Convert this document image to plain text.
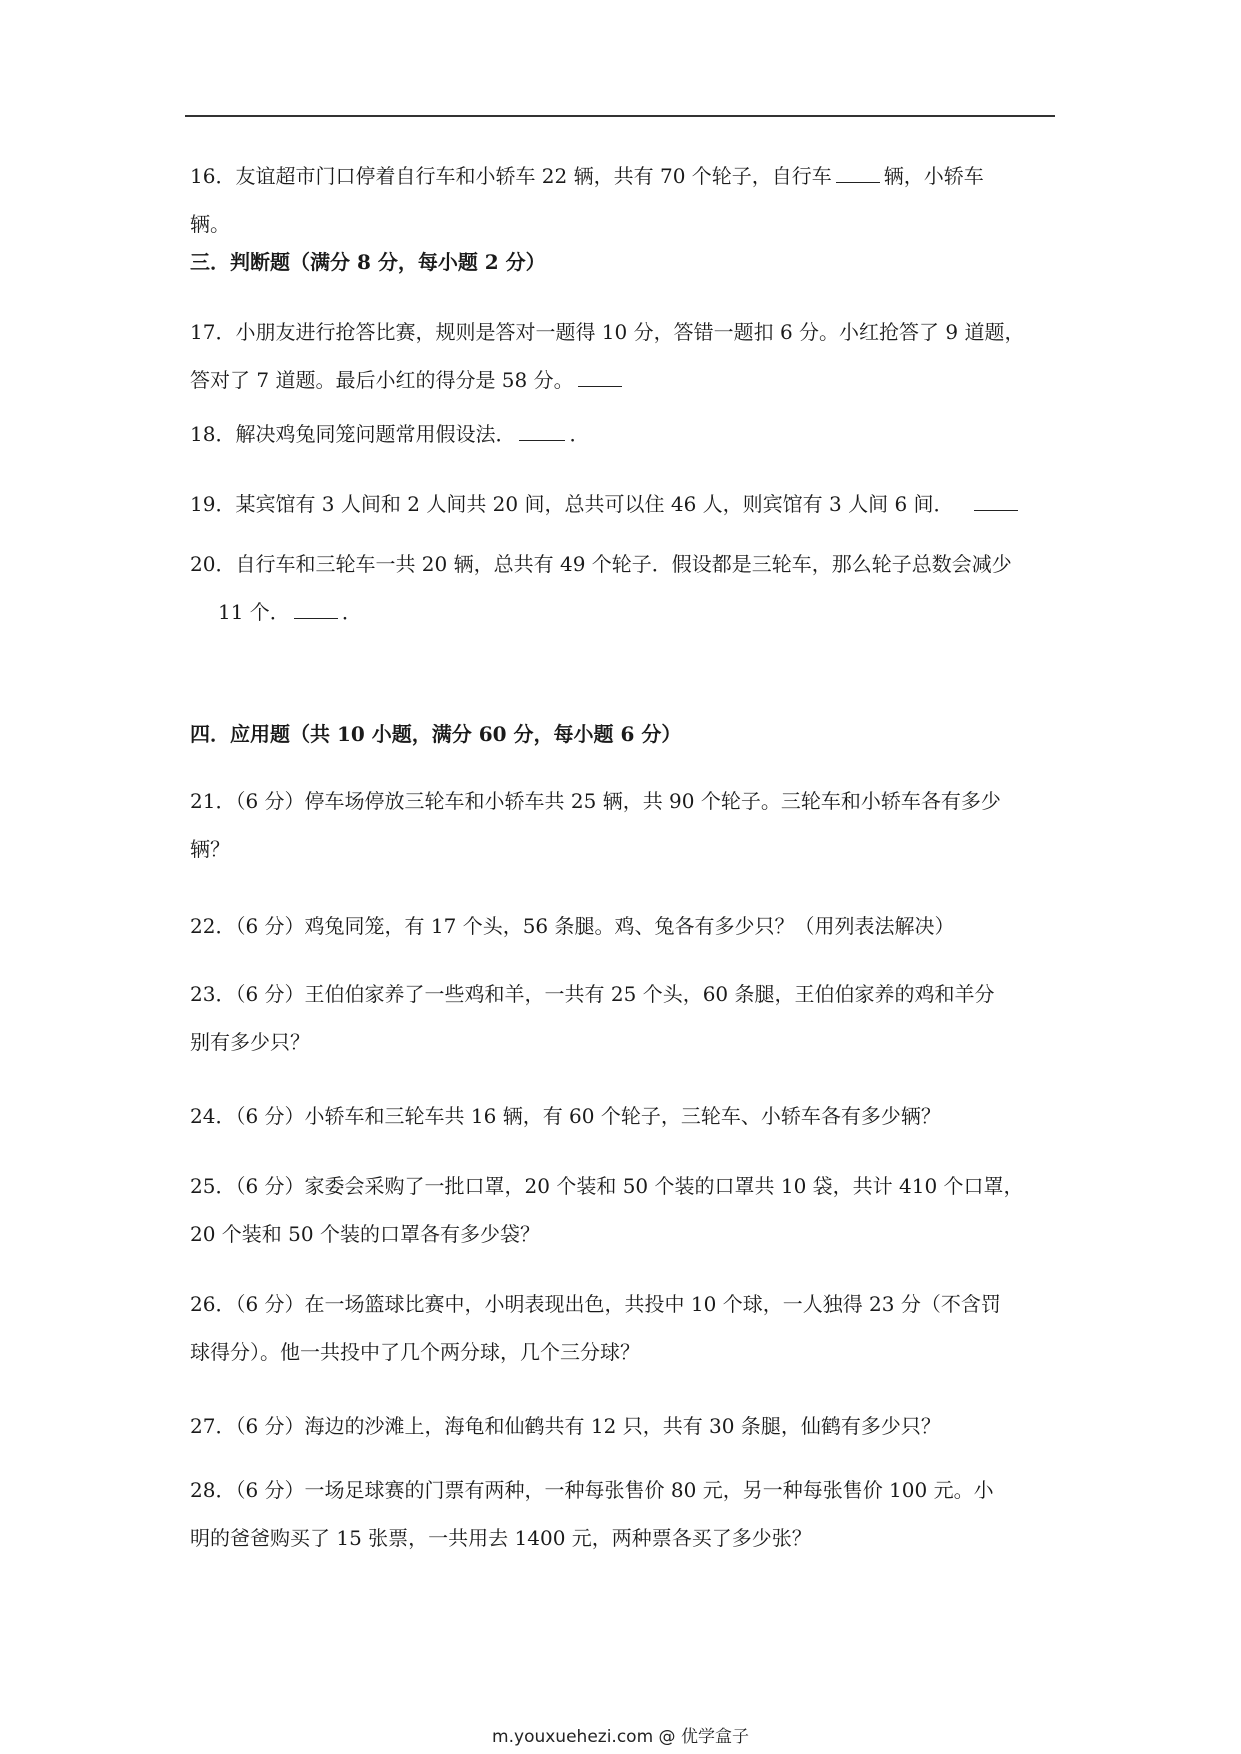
16．友谊超市门口停着自行车和小轿车 22 辆，共有 70 个轮子，自行车	辆，小轿车
辆。
三．判断题（满分 8 分，每小题 2 分）
17．小朋友进行抢答比赛，规则是答对一题得 10 分，答错一题扣 6 分。小红抢答了 9 道题，
答对了 7 道题。最后小红的得分是 58 分。
18．解决鸡兔同笼问题常用假设法．	．
19．某宾馆有 3 人间和 2 人间共 20 间，总共可以住 46 人，则宾馆有 3 人间 6 间．
20．自行车和三轮车一共 20 辆，总共有 49 个轮子．假设都是三轮车，那么轮子总数会减少
11 个．	．
四．应用题（共 10 小题，满分 60 分，每小题 6 分）
21．（6 分）停车场停放三轮车和小轿车共 25 辆，共 90 个轮子。三轮车和小轿车各有多少
辆？
22．（6 分）鸡兔同笼，有 17 个头，56 条腿。鸡、兔各有多少只？（用列表法解决）
23．（6 分）王伯伯家养了一些鸡和羊，一共有 25 个头，60 条腿，王伯伯家养的鸡和羊分
别有多少只？
24．（6 分）小轿车和三轮车共 16 辆，有 60 个轮子，三轮车、小轿车各有多少辆？
25．（6 分）家委会采购了一批口罩，20 个装和 50 个装的口罩共 10 袋，共计 410 个口罩，
20 个装和 50 个装的口罩各有多少袋？
26．（6 分）在一场篮球比赛中，小明表现出色，共投中 10 个球，一人独得 23 分（不含罚
球得分）。他一共投中了几个两分球，几个三分球？
27．（6 分）海边的沙滩上，海龟和仙鹤共有 12 只，共有 30 条腿，仙鹤有多少只？
28．（6 分）一场足球赛的门票有两种，一种每张售价 80 元，另一种每张售价 100 元。小
明的爸爸购买了 15 张票，一共用去 1400 元，两种票各买了多少张？
m.youxuehezi.com @ 优学盒子
